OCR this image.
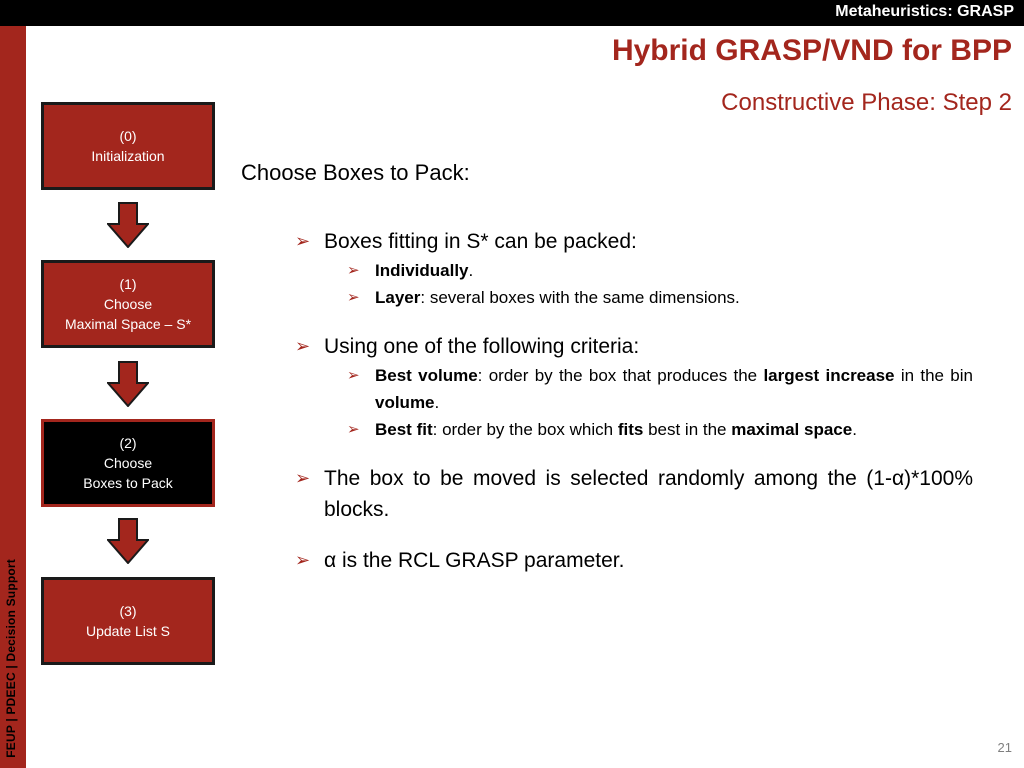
Metaheuristics: GRASP
FEUP | PDEEC | Decision Support
Hybrid GRASP/VND for BPP
Constructive Phase: Step 2
(0)
Initialization
(1)
Choose
Maximal Space – S*
(2)
Choose
Boxes to Pack
(3)
Update List S
Choose Boxes to Pack:
➢ Boxes fitting in S* can be packed:
➢ Individually.
➢ Layer: several boxes with the same dimensions.
➢ Using one of the following criteria:
➢ Best volume: order by the box that produces the largest increase in the bin volume.
➢ Best fit: order by the box which fits best in the maximal space.
➢ The box to be moved is selected randomly among the (1-α)*100% blocks.
➢ α is the RCL GRASP parameter.
21
